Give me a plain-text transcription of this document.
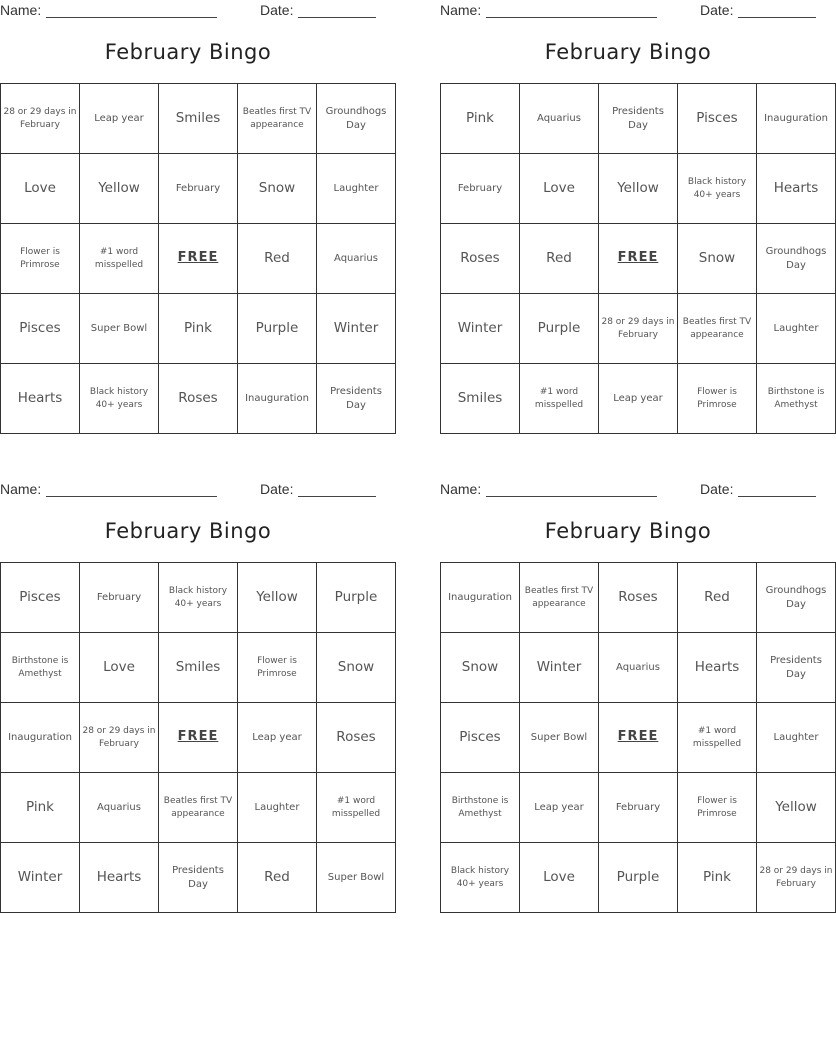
Name:	Date:
February Bingo
28 or 29 days in February	Leap year	Smiles	Beatles first TV appearance	Groundhogs Day
Love	Yellow	February	Snow	Laughter
Flower is Primrose	#1 word misspelled	FREE	Red	Aquarius
Pisces	Super Bowl	Pink	Purple	Winter
Hearts	Black history 40+ years	Roses	Inauguration	Presidents Day
Name:	Date:
February Bingo
Pink	Aquarius	Presidents Day	Pisces	Inauguration
February	Love	Yellow	Black history 40+ years	Hearts
Roses	Red	FREE	Snow	Groundhogs Day
Winter	Purple	28 or 29 days in February	Beatles first TV appearance	Laughter
Smiles	#1 word misspelled	Leap year	Flower is Primrose	Birthstone is Amethyst
Name:	Date:
February Bingo
Pisces	February	Black history 40+ years	Yellow	Purple
Birthstone is Amethyst	Love	Smiles	Flower is Primrose	Snow
Inauguration	28 or 29 days in February	FREE	Leap year	Roses
Pink	Aquarius	Beatles first TV appearance	Laughter	#1 word misspelled
Winter	Hearts	Presidents Day	Red	Super Bowl
Name:	Date:
February Bingo
Inauguration	Beatles first TV appearance	Roses	Red	Groundhogs Day
Snow	Winter	Aquarius	Hearts	Presidents Day
Pisces	Super Bowl	FREE	#1 word misspelled	Laughter
Birthstone is Amethyst	Leap year	February	Flower is Primrose	Yellow
Black history 40+ years	Love	Purple	Pink	28 or 29 days in February
